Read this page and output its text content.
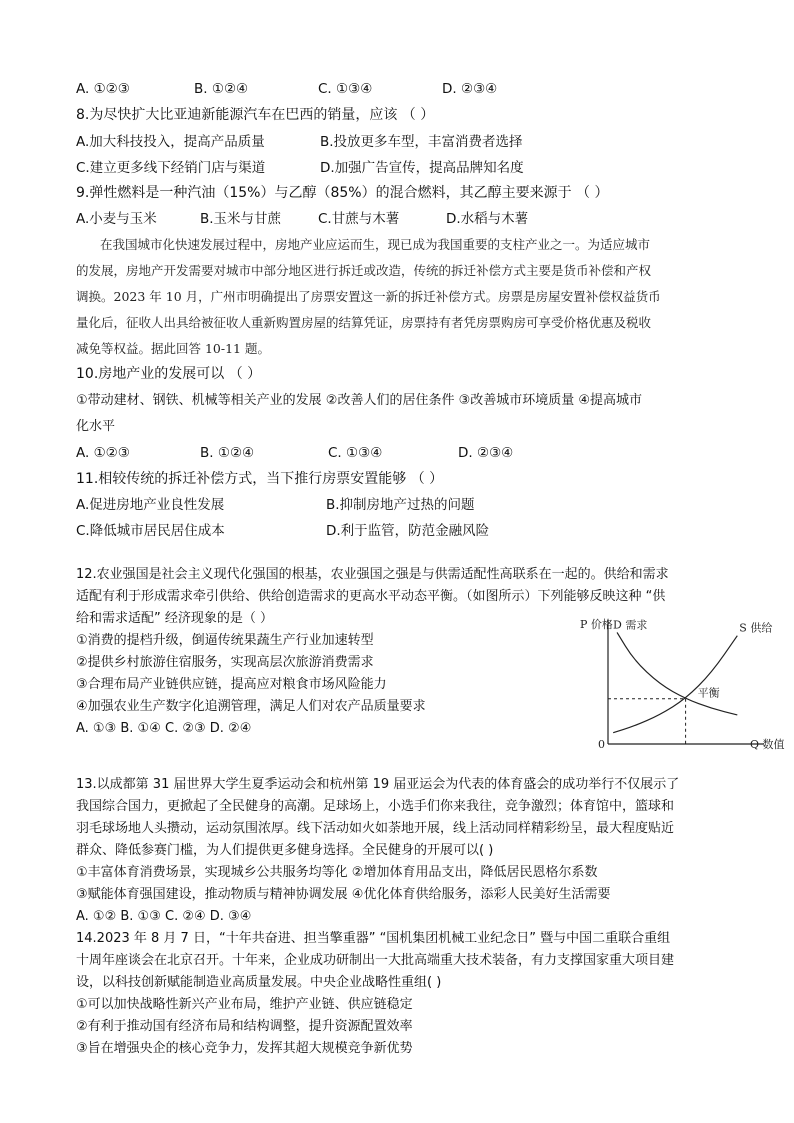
A. ①②③	B. ①②④	C. ①③④	D. ②③④
8.为尽快扩大比亚迪新能源汽车在巴西的销量，应该 （ ）
A.加大科技投入，提高产品质量	B.投放更多车型，丰富消费者选择
C.建立更多线下经销门店与渠道	D.加强广告宣传，提高品牌知名度
9.弹性燃料是一种汽油（15%）与乙醇（85%）的混合燃料，其乙醇主要来源于 （ ）
A.小麦与玉米	B.玉米与甘蔗	C.甘蔗与木薯	D.水稻与木薯
在我国城市化快速发展过程中，房地产业应运而生，现已成为我国重要的支柱产业之一。为适应城市
的发展，房地产开发需要对城市中部分地区进行拆迁或改造，传统的拆迁补偿方式主要是货币补偿和产权
调换。2023 年 10 月，广州市明确提出了房票安置这一新的拆迁补偿方式。房票是房屋安置补偿权益货币
量化后，征收人出具给被征收人重新购置房屋的结算凭证，房票持有者凭房票购房可享受价格优惠及税收
减免等权益。据此回答 10-11 题。
10.房地产业的发展可以 （ ）
①带动建材、钢铁、机械等相关产业的发展 ②改善人们的居住条件 ③改善城市环境质量 ④提高城市
化水平
A. ①②③	B. ①②④	C. ①③④	D. ②③④
11.相较传统的拆迁补偿方式，当下推行房票安置能够 （ ）
A.促进房地产业良性发展	B.抑制房地产过热的问题
C.降低城市居民居住成本	D.利于监管，防范金融风险
12.农业强国是社会主义现代化强国的根基，农业强国之强是与供需适配性高联系在一起的。供给和需求
适配有利于形成需求牵引供给、供给创造需求的更高水平动态平衡。（如图所示）下列能够反映这种 “供
给和需求适配” 经济现象的是（ ）
①消费的提档升级，倒逼传统果蔬生产行业加速转型
②提供乡村旅游住宿服务，实现高层次旅游消费需求
③合理布局产业链供应链，提高应对粮食市场风险能力
④加强农业生产数字化追溯管理，满足人们对农产品质量要求
A. ①③ B. ①④ C. ②③ D. ②④
P 价格
Q 数值
0
D 需求	S 供给
平衡
13.以成都第 31 届世界大学生夏季运动会和杭州第 19 届亚运会为代表的体育盛会的成功举行不仅展示了
我国综合国力，更掀起了全民健身的高潮。足球场上，小选手们你来我往，竞争激烈；体育馆中，篮球和
羽毛球场地人头攒动，运动氛围浓厚。线下活动如火如荼地开展，线上活动同样精彩纷呈，最大程度贴近
群众、降低参赛门槛，为人们提供更多健身选择。全民健身的开展可以( )
①丰富体育消费场景，实现城乡公共服务均等化 ②增加体育用品支出，降低居民恩格尔系数
③赋能体育强国建设，推动物质与精神协调发展 ④优化体育供给服务，添彩人民美好生活需要
A. ①② B. ①③ C. ②④ D. ③④
14.2023 年 8 月 7 日，“十年共奋进、担当擎重器” “国机集团机械工业纪念日” 暨与中国二重联合重组
十周年座谈会在北京召开。十年来，企业成功研制出一大批高端重大技术装备，有力支撑国家重大项目建
设，以科技创新赋能制造业高质量发展。中央企业战略性重组( )
①可以加快战略性新兴产业布局，维护产业链、供应链稳定
②有利于推动国有经济布局和结构调整，提升资源配置效率
③旨在增强央企的核心竞争力，发挥其超大规模竞争新优势
